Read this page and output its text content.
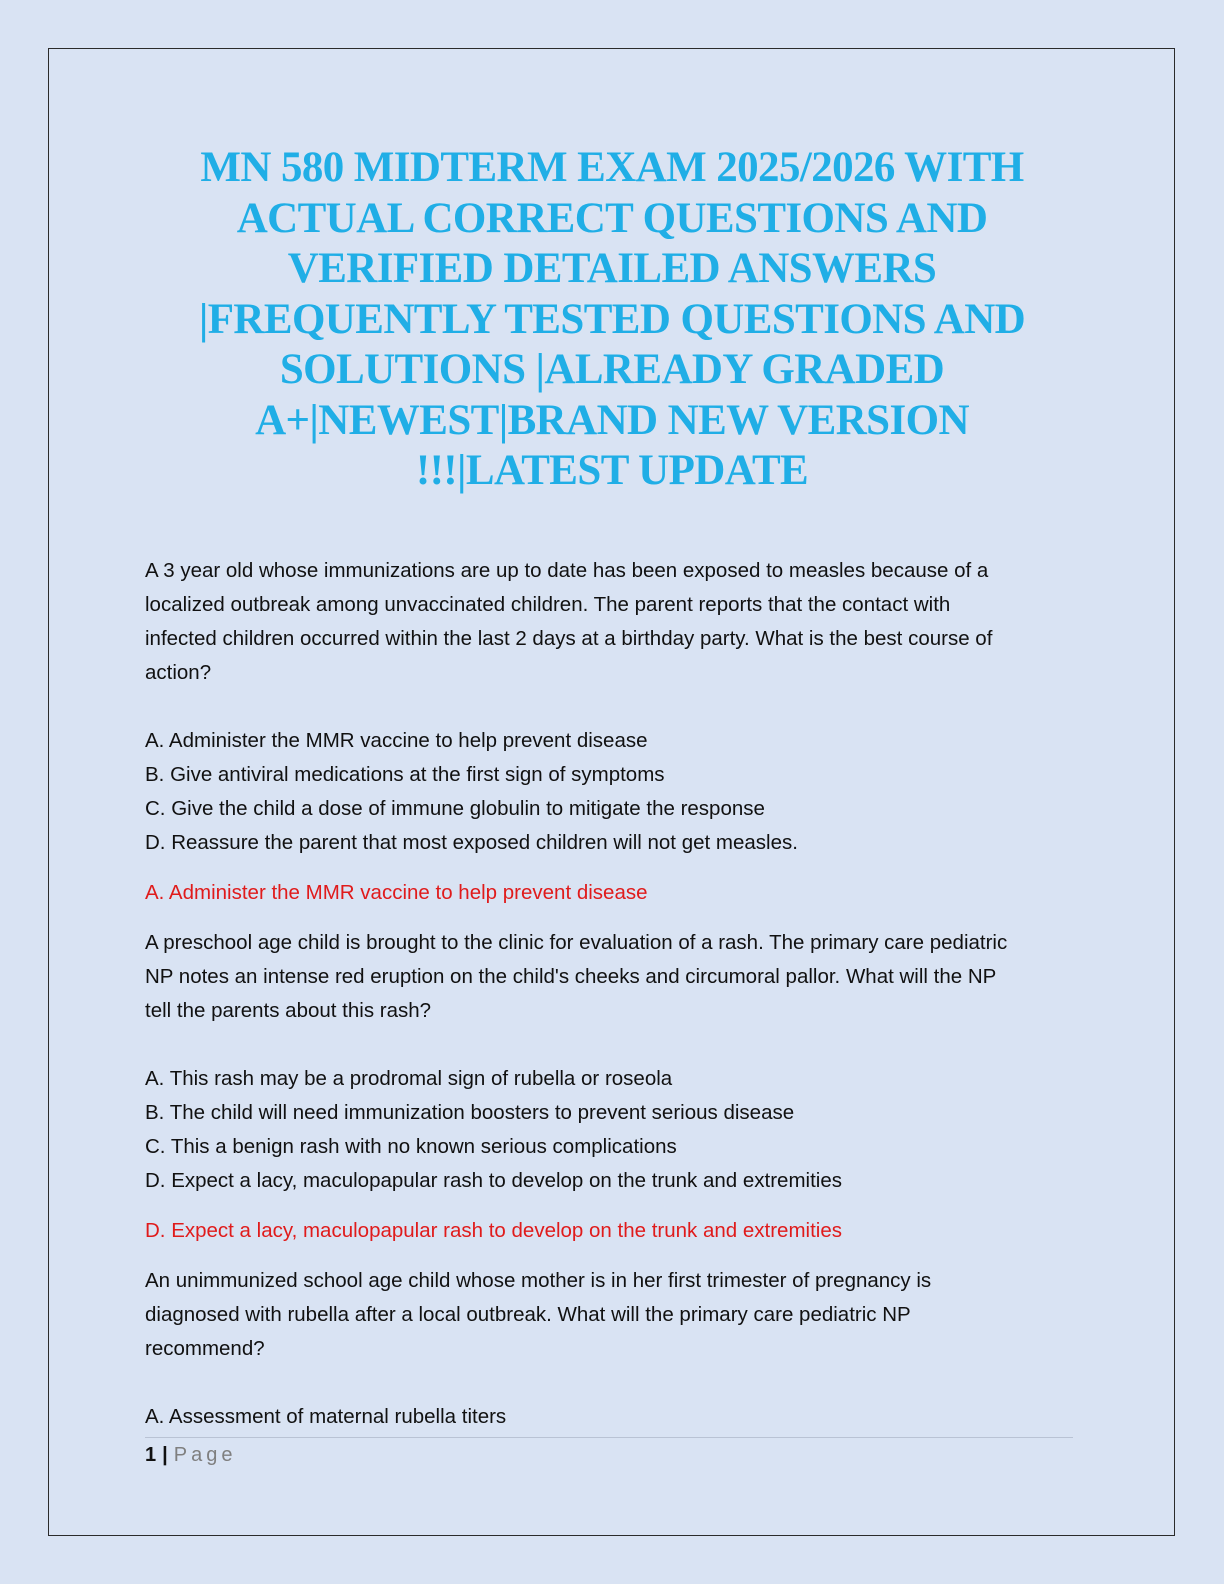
MN 580 MIDTERM EXAM 2025/2026 WITH
ACTUAL CORRECT QUESTIONS AND
VERIFIED DETAILED ANSWERS
|FREQUENTLY TESTED QUESTIONS AND
SOLUTIONS |ALREADY GRADED
A+|NEWEST|BRAND NEW VERSION
!!!|LATEST UPDATE
A 3 year old whose immunizations are up to date has been exposed to measles because of a
localized outbreak among unvaccinated children. The parent reports that the contact with
infected children occurred within the last 2 days at a birthday party. What is the best course of
action?
A. Administer the MMR vaccine to help prevent disease
B. Give antiviral medications at the first sign of symptoms
C. Give the child a dose of immune globulin to mitigate the response
D. Reassure the parent that most exposed children will not get measles.

A. Administer the MMR vaccine to help prevent disease

A preschool age child is brought to the clinic for evaluation of a rash. The primary care pediatric
NP notes an intense red eruption on the child's cheeks and circumoral pallor. What will the NP
tell the parents about this rash?
A. This rash may be a prodromal sign of rubella or roseola
B. The child will need immunization boosters to prevent serious disease
C. This a benign rash with no known serious complications
D. Expect a lacy, maculopapular rash to develop on the trunk and extremities

D. Expect a lacy, maculopapular rash to develop on the trunk and extremities

An unimmunized school age child whose mother is in her first trimester of pregnancy is
diagnosed with rubella after a local outbreak. What will the primary care pediatric NP
recommend?
A. Assessment of maternal rubella titers
1 | Page
